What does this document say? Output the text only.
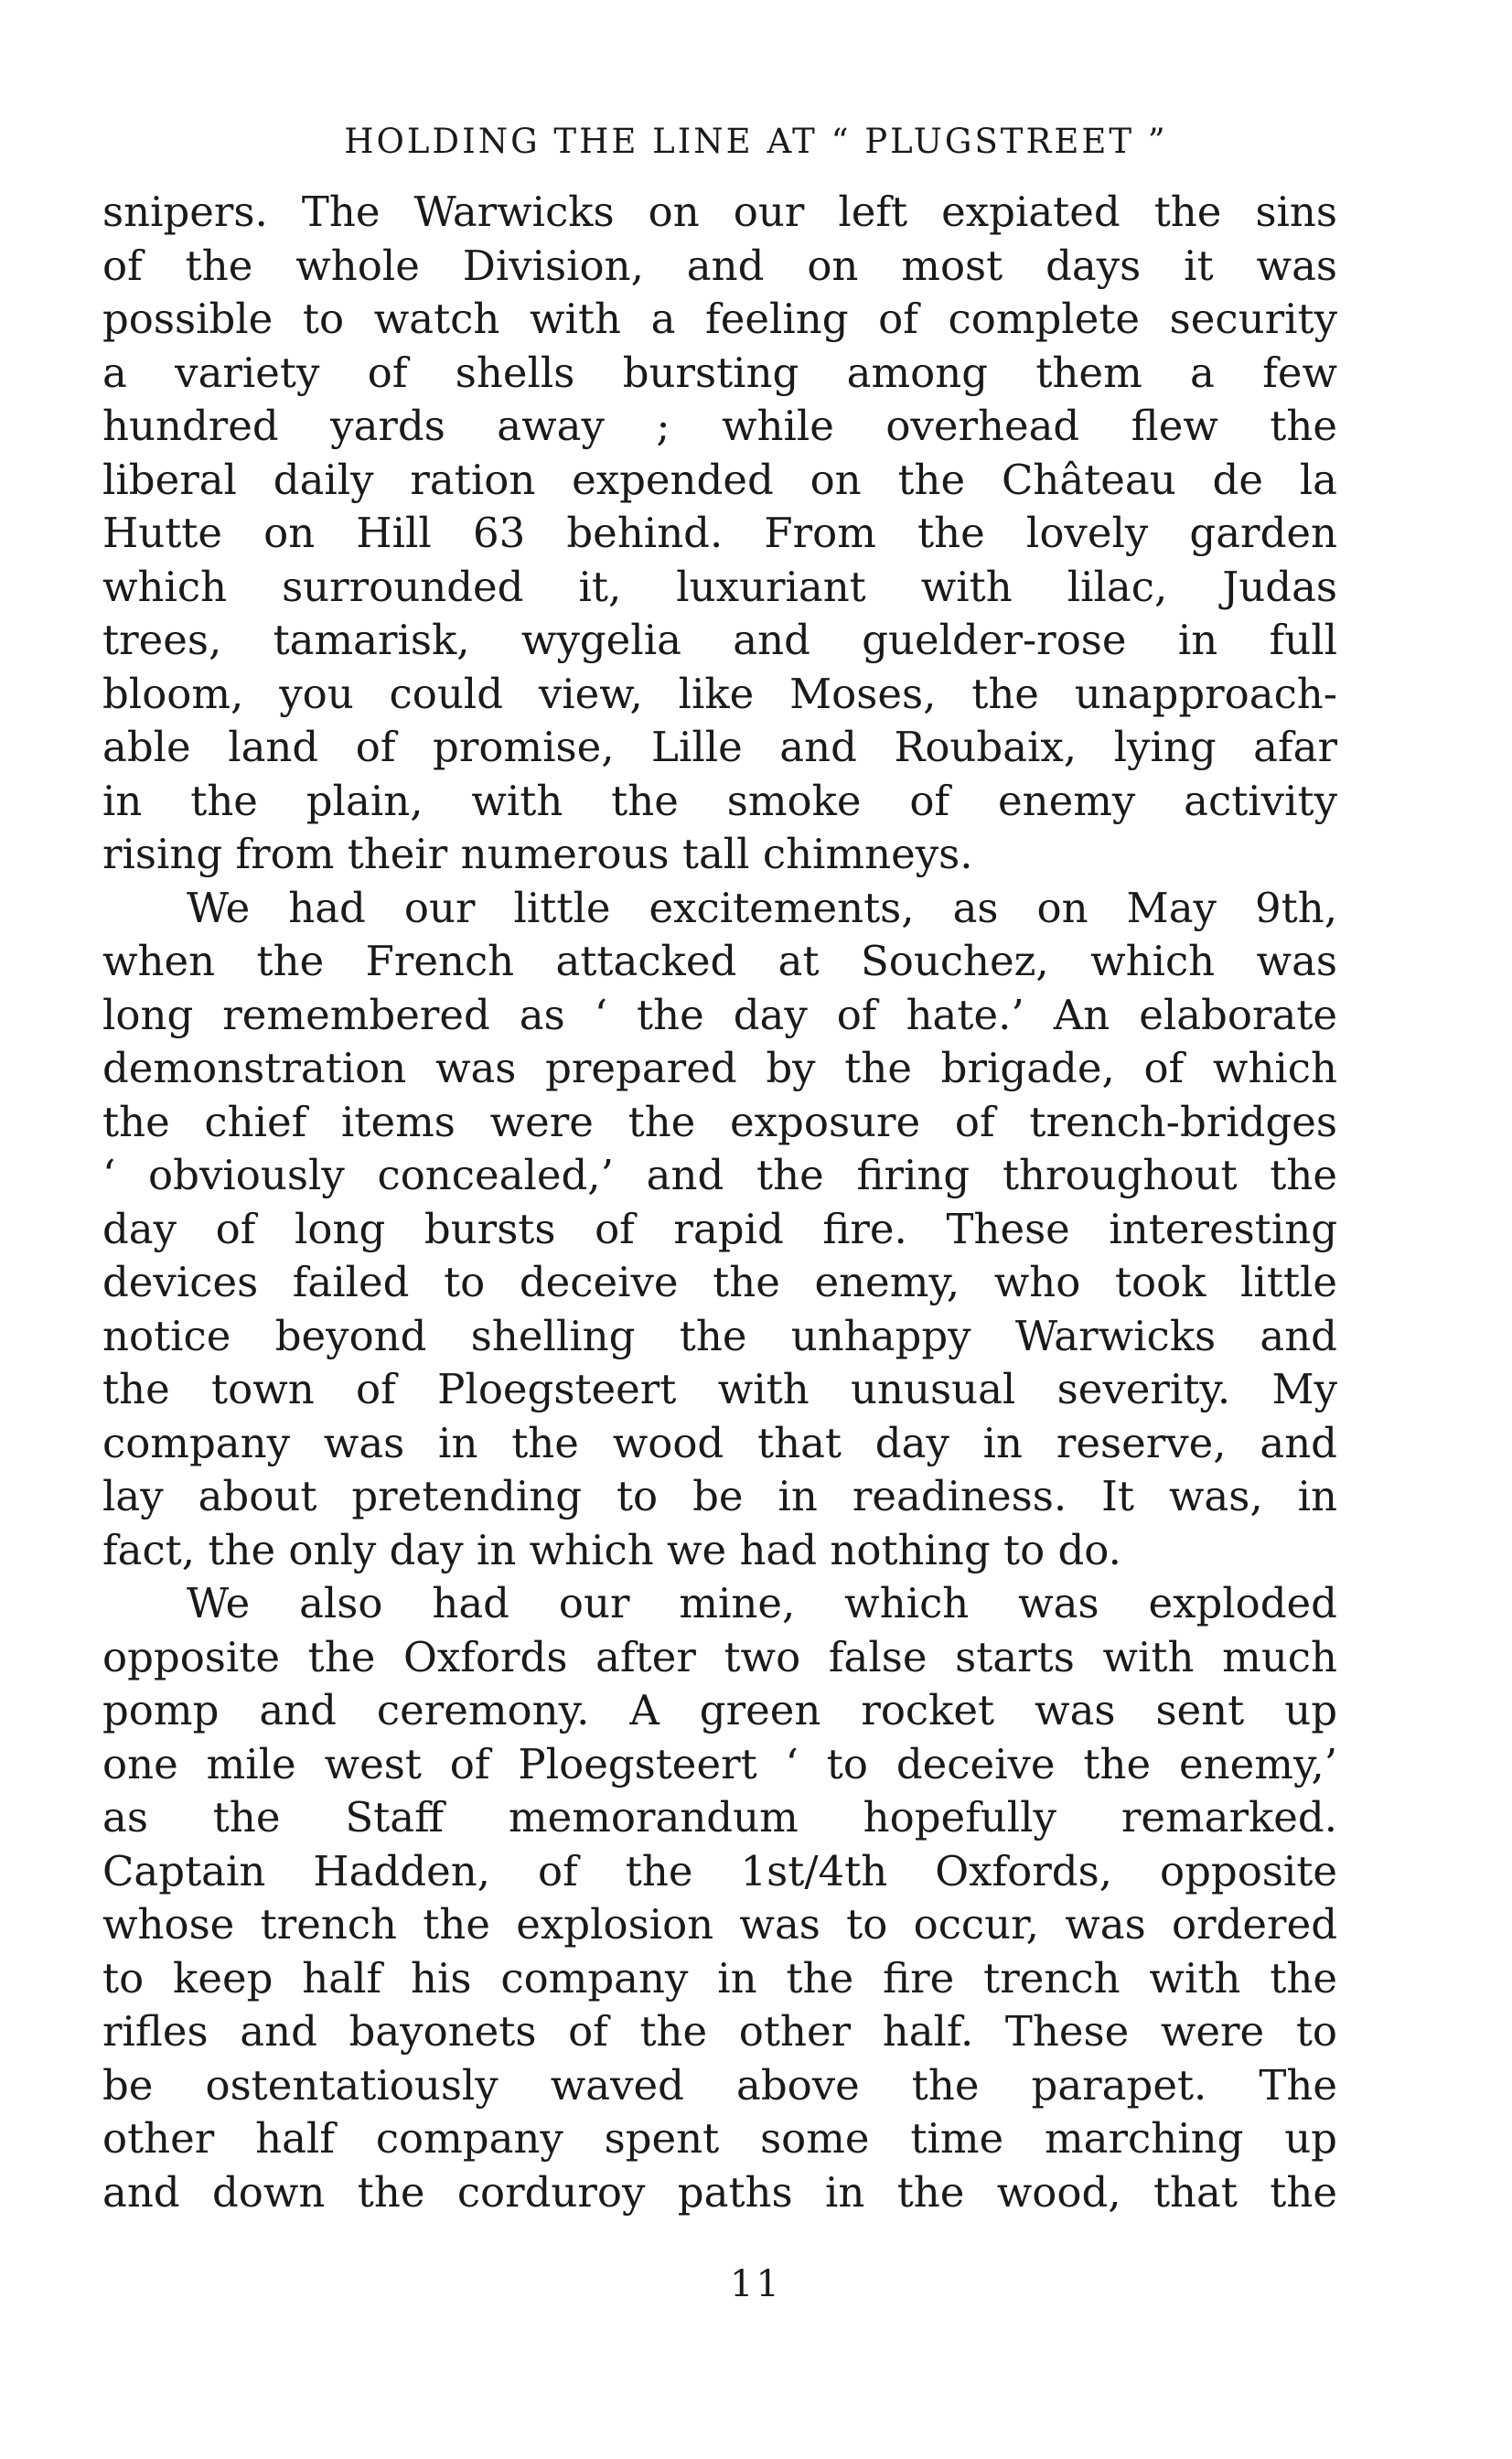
HOLDING THE LINE AT “ PLUGSTREET ”
snipers. The Warwicks on our left expiated the sins
of the whole Division, and on most days it was
possible to watch with a feeling of complete security
a variety of shells bursting among them a few
hundred yards away ; while overhead flew the
liberal daily ration expended on the Château de la
Hutte on Hill 63 behind. From the lovely garden
which surrounded it, luxuriant with lilac, Judas
trees, tamarisk, wygelia and guelder-rose in full
bloom, you could view, like Moses, the unapproach-
able land of promise, Lille and Roubaix, lying afar
in the plain, with the smoke of enemy activity
rising from their numerous tall chimneys.
We had our little excitements, as on May 9th,
when the French attacked at Souchez, which was
long remembered as ‘ the day of hate.’ An elaborate
demonstration was prepared by the brigade, of which
the chief items were the exposure of trench-bridges
‘ obviously concealed,’ and the firing throughout the
day of long bursts of rapid fire. These interesting
devices failed to deceive the enemy, who took little
notice beyond shelling the unhappy Warwicks and
the town of Ploegsteert with unusual severity. My
company was in the wood that day in reserve, and
lay about pretending to be in readiness. It was, in
fact, the only day in which we had nothing to do.
We also had our mine, which was exploded
opposite the Oxfords after two false starts with much
pomp and ceremony. A green rocket was sent up
one mile west of Ploegsteert ‘ to deceive the enemy,’
as the Staff memorandum hopefully remarked.
Captain Hadden, of the 1st/4th Oxfords, opposite
whose trench the explosion was to occur, was ordered
to keep half his company in the fire trench with the
rifles and bayonets of the other half. These were to
be ostentatiously waved above the parapet. The
other half company spent some time marching up
and down the corduroy paths in the wood, that the
11
